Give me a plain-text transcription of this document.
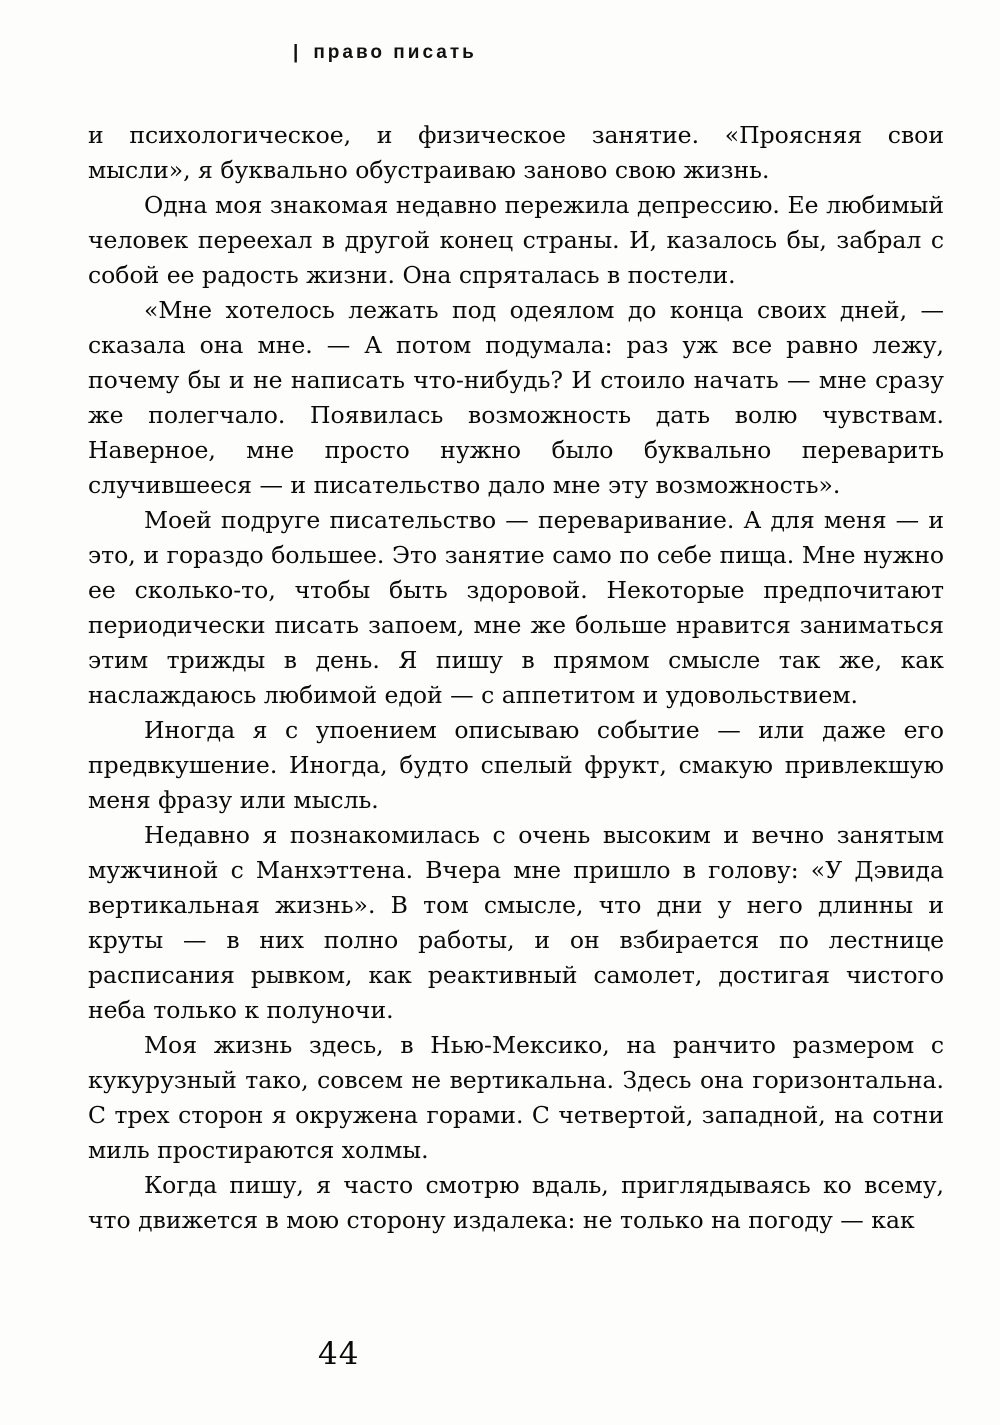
| право писать

и психологическое, и физическое занятие. «Проясняя свои мысли», я буквально обустраиваю заново свою жизнь.

Одна моя знакомая недавно пережила депрессию. Ее любимый человек переехал в другой конец страны. И, казалось бы, забрал с собой ее радость жизни. Она спряталась в постели.

«Мне хотелось лежать под одеялом до конца своих дней, — сказала она мне. — А потом подумала: раз уж все равно лежу, почему бы и не написать что-нибудь? И стоило начать — мне сразу же полегчало. Появилась возможность дать волю чувствам. Наверное, мне просто нужно было буквально переварить случившееся — и писательство дало мне эту возможность».

Моей подруге писательство — переваривание. А для меня — и это, и гораздо большее. Это занятие само по себе пища. Мне нужно ее сколько-то, чтобы быть здоровой. Некоторые предпочитают периодически писать запоем, мне же больше нравится заниматься этим трижды в день. Я пишу в прямом смысле так же, как наслаждаюсь любимой едой — с аппетитом и удовольствием.

Иногда я с упоением описываю событие — или даже его предвкушение. Иногда, будто спелый фрукт, смакую привлекшую меня фразу или мысль.

Недавно я познакомилась с очень высоким и вечно занятым мужчиной с Манхэттена. Вчера мне пришло в голову: «У Дэвида вертикальная жизнь». В том смысле, что дни у него длинны и круты — в них полно работы, и он взбирается по лестнице расписания рывком, как реактивный самолет, достигая чистого неба только к полуночи.

Моя жизнь здесь, в Нью-Мексико, на ранчито размером с кукурузный тако, совсем не вертикальна. Здесь она горизонтальна. С трех сторон я окружена горами. С четвертой, западной, на сотни миль простираются холмы.

Когда пишу, я часто смотрю вдаль, приглядываясь ко всему, что движется в мою сторону издалека: не только на погоду — как

44
